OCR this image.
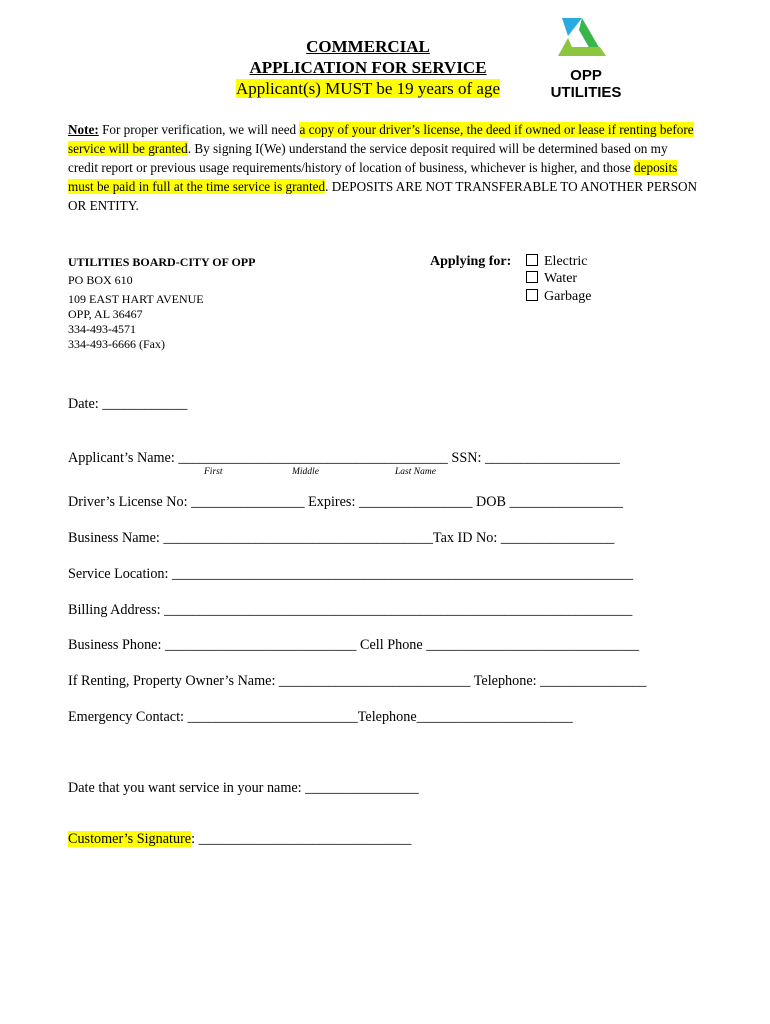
COMMERCIAL
APPLICATION FOR SERVICE
Applicant(s) MUST be 19 years of age
OPP
UTILITIES
Note: For proper verification, we will need a copy of your driver’s license, the deed if owned or lease if renting before service will be granted. By signing I(We) understand the service deposit required will be determined based on my credit report or previous usage requirements/history of location of business, whichever is higher, and those deposits must be paid in full at the time service is granted. DEPOSITS ARE NOT TRANSFERABLE TO ANOTHER PERSON OR ENTITY.
UTILITIES BOARD-CITY OF OPP
PO BOX 610
109 EAST HART AVENUE
OPP, AL 36467
334-493-4571
334-493-6666 (Fax)
Applying for:	Electric
Water
Garbage
Date: ____________
Applicant’s Name: ______________________________________ SSN: ___________________
First	Middle	Last Name
Driver’s License No: ________________ Expires: ________________ DOB ________________
Business Name: ______________________________________Tax ID No: ________________
Service Location: _________________________________________________________________
Billing Address: __________________________________________________________________
Business Phone: ___________________________ Cell Phone ______________________________
If Renting, Property Owner’s Name: ___________________________ Telephone: _______________
Emergency Contact: ________________________Telephone______________________
Date that you want service in your name: ________________
Customer’s Signature: ______________________________
